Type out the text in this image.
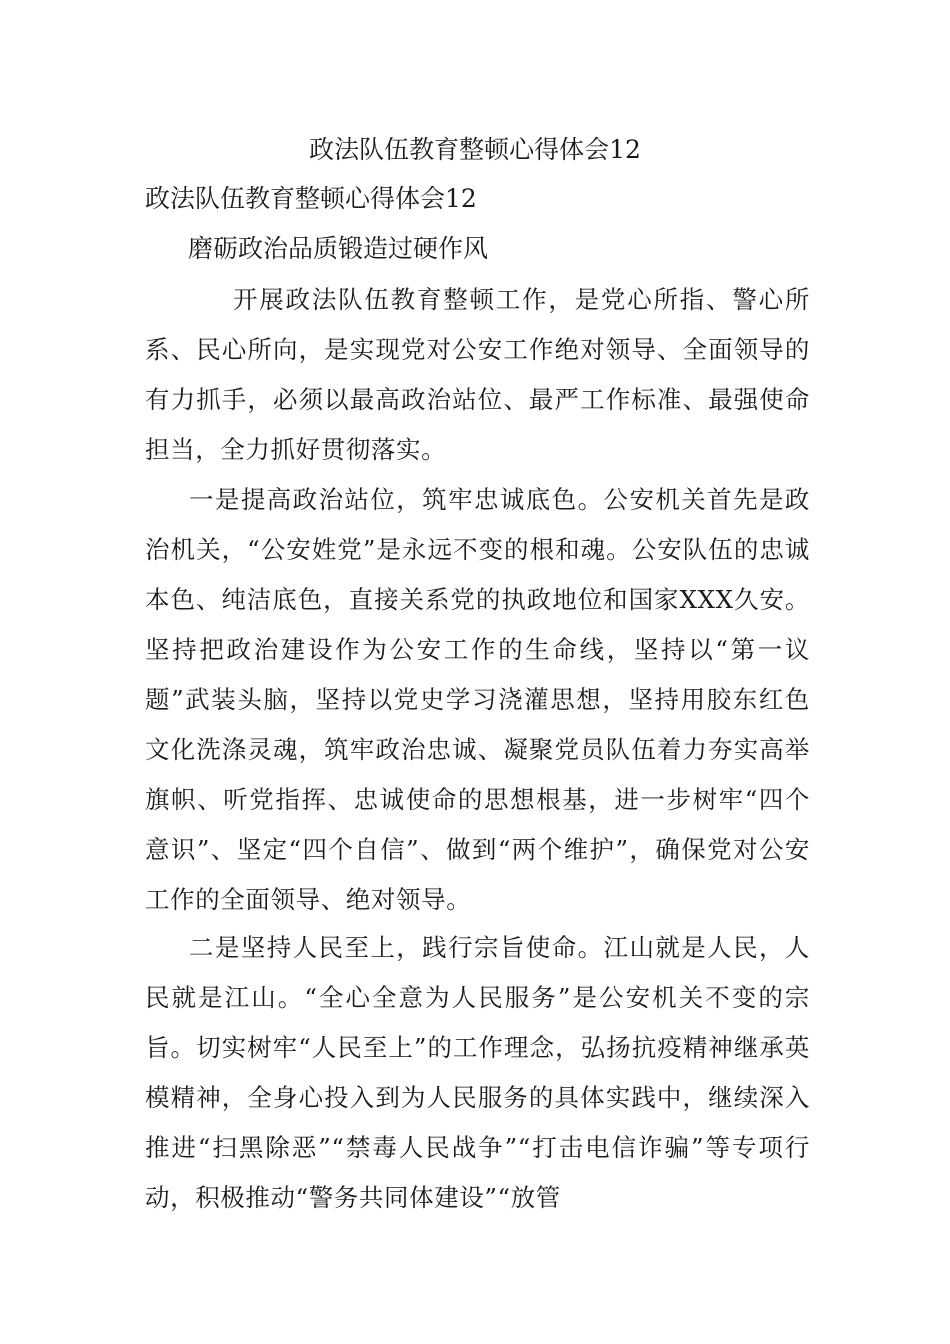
政法队伍教育整顿心得体会12
政法队伍教育整顿心得体会12

磨砺政治品质锻造过硬作风

开展政法队伍教育整顿工作，是党心所指、警心所系、民心所向，是实现党对公安工作绝对领导、全面领导的有力抓手，必须以最高政治站位、最严工作标准、最强使命担当，全力抓好贯彻落实。

一是提高政治站位，筑牢忠诚底色。公安机关首先是政治机关，“公安姓党”是永远不变的根和魂。公安队伍的忠诚本色、纯洁底色，直接关系党的执政地位和国家XXX久安。坚持把政治建设作为公安工作的生命线，坚持以“第一议题”武装头脑，坚持以党史学习浇灌思想，坚持用胶东红色文化洗涤灵魂，筑牢政治忠诚、凝聚党员队伍着力夯实高举旗帜、听党指挥、忠诚使命的思想根基，进一步树牢“四个意识”、坚定“四个自信”、做到“两个维护”，确保党对公安工作的全面领导、绝对领导。

二是坚持人民至上，践行宗旨使命。江山就是人民，人民就是江山。“全心全意为人民服务”是公安机关不变的宗旨。切实树牢“人民至上”的工作理念，弘扬抗疫精神继承英模精神，全身心投入到为人民服务的具体实践中，继续深入推进“扫黑除恶”“禁毒人民战争”“打击电信诈骗”等专项行动，积极推动“警务共同体建设”“放管
